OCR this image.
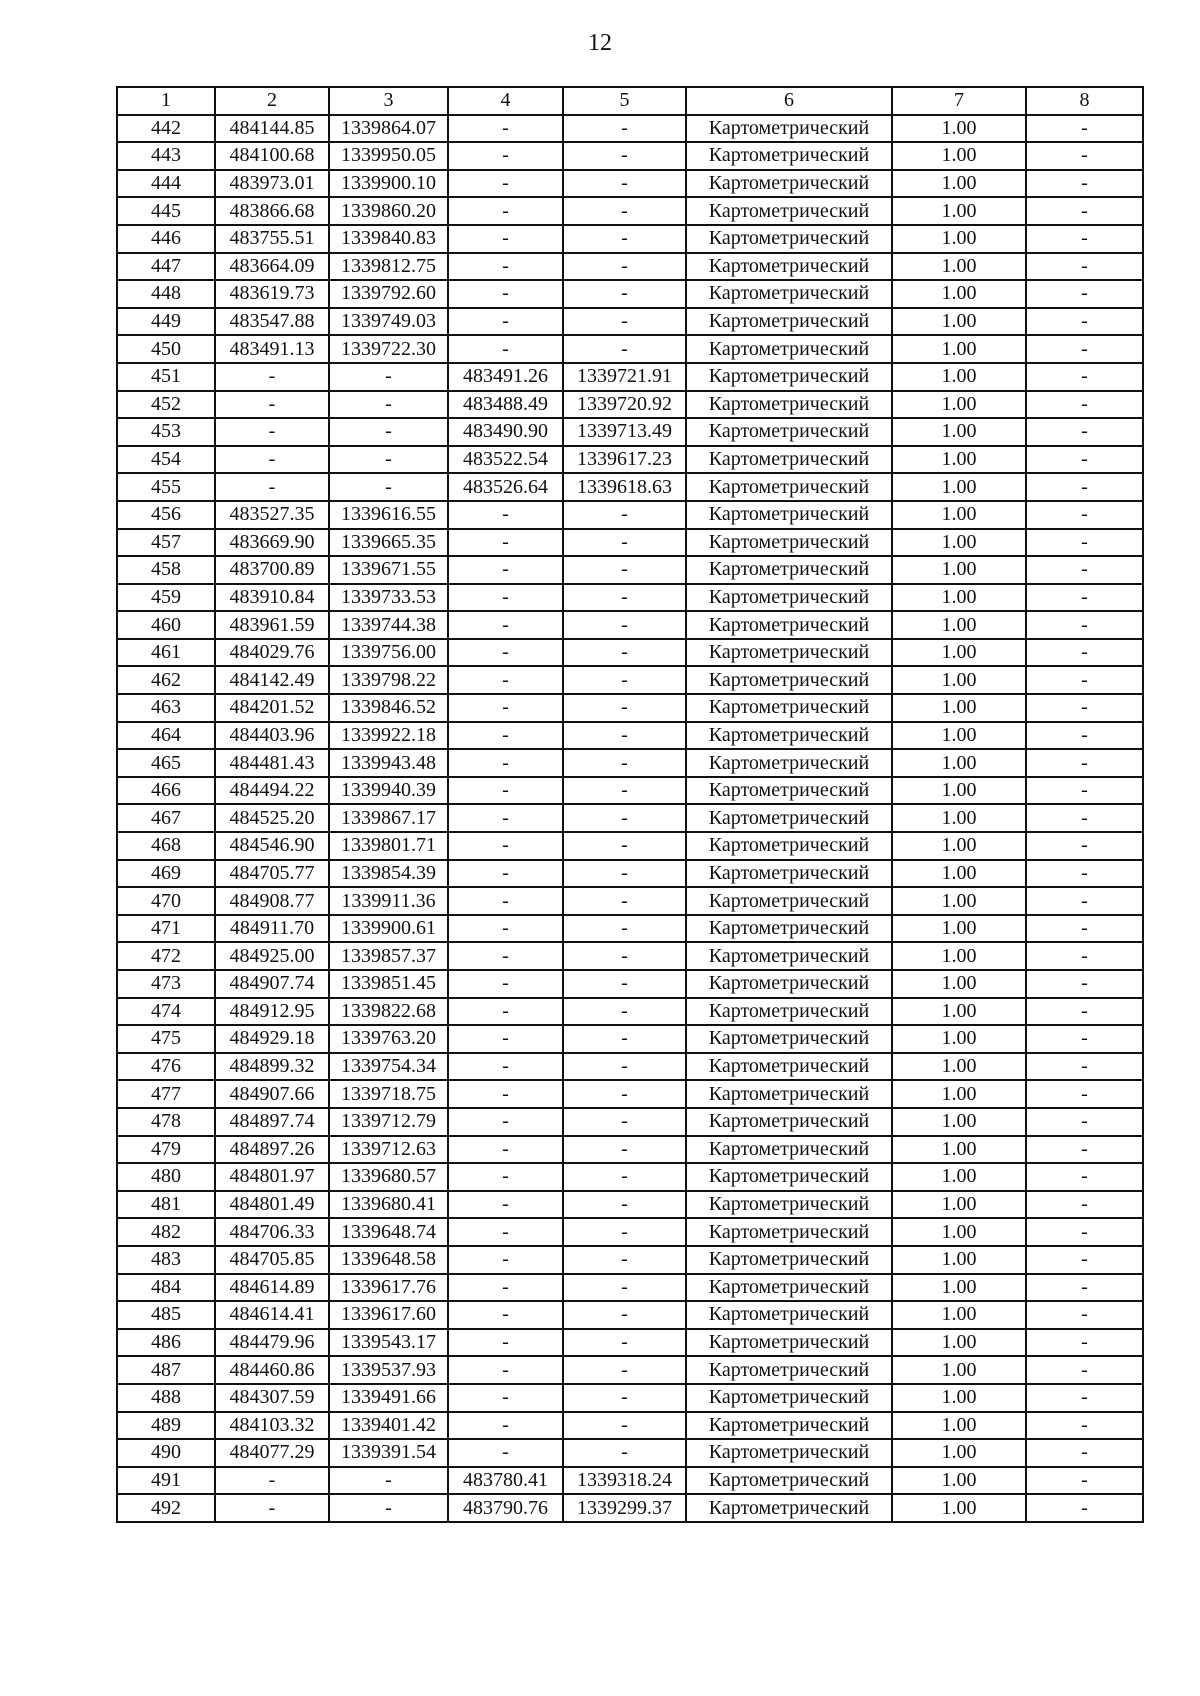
12
1	2	3	4	5	6	7	8
442	484144.85	1339864.07	-	-	Картометрический	1.00	-
443	484100.68	1339950.05	-	-	Картометрический	1.00	-
444	483973.01	1339900.10	-	-	Картометрический	1.00	-
445	483866.68	1339860.20	-	-	Картометрический	1.00	-
446	483755.51	1339840.83	-	-	Картометрический	1.00	-
447	483664.09	1339812.75	-	-	Картометрический	1.00	-
448	483619.73	1339792.60	-	-	Картометрический	1.00	-
449	483547.88	1339749.03	-	-	Картометрический	1.00	-
450	483491.13	1339722.30	-	-	Картометрический	1.00	-
451	-	-	483491.26	1339721.91	Картометрический	1.00	-
452	-	-	483488.49	1339720.92	Картометрический	1.00	-
453	-	-	483490.90	1339713.49	Картометрический	1.00	-
454	-	-	483522.54	1339617.23	Картометрический	1.00	-
455	-	-	483526.64	1339618.63	Картометрический	1.00	-
456	483527.35	1339616.55	-	-	Картометрический	1.00	-
457	483669.90	1339665.35	-	-	Картометрический	1.00	-
458	483700.89	1339671.55	-	-	Картометрический	1.00	-
459	483910.84	1339733.53	-	-	Картометрический	1.00	-
460	483961.59	1339744.38	-	-	Картометрический	1.00	-
461	484029.76	1339756.00	-	-	Картометрический	1.00	-
462	484142.49	1339798.22	-	-	Картометрический	1.00	-
463	484201.52	1339846.52	-	-	Картометрический	1.00	-
464	484403.96	1339922.18	-	-	Картометрический	1.00	-
465	484481.43	1339943.48	-	-	Картометрический	1.00	-
466	484494.22	1339940.39	-	-	Картометрический	1.00	-
467	484525.20	1339867.17	-	-	Картометрический	1.00	-
468	484546.90	1339801.71	-	-	Картометрический	1.00	-
469	484705.77	1339854.39	-	-	Картометрический	1.00	-
470	484908.77	1339911.36	-	-	Картометрический	1.00	-
471	484911.70	1339900.61	-	-	Картометрический	1.00	-
472	484925.00	1339857.37	-	-	Картометрический	1.00	-
473	484907.74	1339851.45	-	-	Картометрический	1.00	-
474	484912.95	1339822.68	-	-	Картометрический	1.00	-
475	484929.18	1339763.20	-	-	Картометрический	1.00	-
476	484899.32	1339754.34	-	-	Картометрический	1.00	-
477	484907.66	1339718.75	-	-	Картометрический	1.00	-
478	484897.74	1339712.79	-	-	Картометрический	1.00	-
479	484897.26	1339712.63	-	-	Картометрический	1.00	-
480	484801.97	1339680.57	-	-	Картометрический	1.00	-
481	484801.49	1339680.41	-	-	Картометрический	1.00	-
482	484706.33	1339648.74	-	-	Картометрический	1.00	-
483	484705.85	1339648.58	-	-	Картометрический	1.00	-
484	484614.89	1339617.76	-	-	Картометрический	1.00	-
485	484614.41	1339617.60	-	-	Картометрический	1.00	-
486	484479.96	1339543.17	-	-	Картометрический	1.00	-
487	484460.86	1339537.93	-	-	Картометрический	1.00	-
488	484307.59	1339491.66	-	-	Картометрический	1.00	-
489	484103.32	1339401.42	-	-	Картометрический	1.00	-
490	484077.29	1339391.54	-	-	Картометрический	1.00	-
491	-	-	483780.41	1339318.24	Картометрический	1.00	-
492	-	-	483790.76	1339299.37	Картометрический	1.00	-
